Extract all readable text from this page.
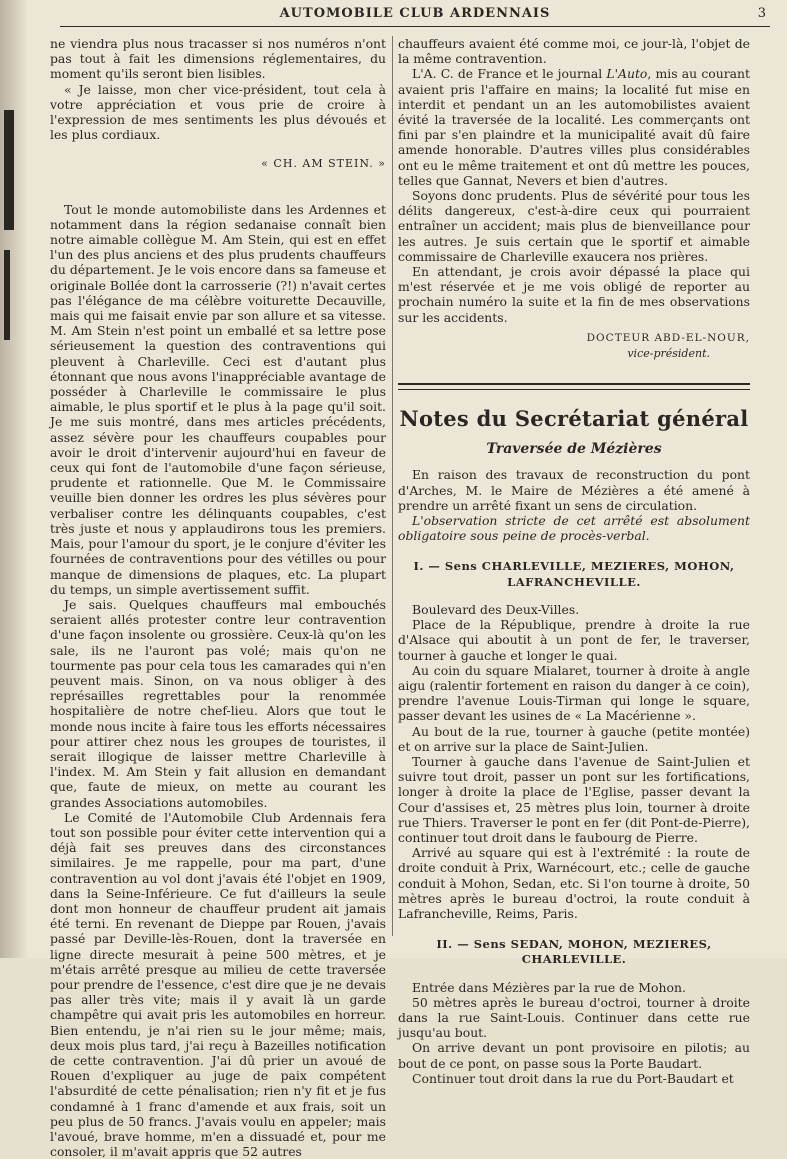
AUTOMOBILE CLUB ARDENNAIS	3

ne viendra plus nous tracasser si nos numéros n'ont pas tout à fait les dimensions réglementaires, du moment qu'ils seront bien lisibles.

« Je laisse, mon cher vice-président, tout cela à votre appréciation et vous prie de croire à l'expression de mes sentiments les plus dévoués et les plus cordiaux.

« CH. AM STEIN. »

Tout le monde automobiliste dans les Ardennes et notamment dans la région sedanaise connaît bien notre aimable collègue M. Am Stein, qui est en effet l'un des plus anciens et des plus prudents chauffeurs du département. Je le vois encore dans sa fameuse et originale Bollée dont la carrosserie (?!) n'avait certes pas l'élégance de ma célèbre voiturette Decauville, mais qui me faisait envie par son allure et sa vitesse. M. Am Stein n'est point un emballé et sa lettre pose sérieusement la question des contraventions qui pleuvent à Charleville. Ceci est d'autant plus étonnant que nous avons l'inappréciable avantage de posséder à Charleville le commissaire le plus aimable, le plus sportif et le plus à la page qu'il soit. Je me suis montré, dans mes articles précédents, assez sévère pour les chauffeurs coupables pour avoir le droit d'intervenir aujourd'hui en faveur de ceux qui font de l'automobile d'une façon sérieuse, prudente et rationnelle. Que M. le Commissaire veuille bien donner les ordres les plus sévères pour verbaliser contre les délinquants coupables, c'est très juste et nous y applaudirons tous les premiers. Mais, pour l'amour du sport, je le conjure d'éviter les fournées de contraventions pour des vétilles ou pour manque de dimensions de plaques, etc. La plupart du temps, un simple avertissement suffit.

Je sais. Quelques chauffeurs mal embouchés seraient allés protester contre leur contravention d'une façon insolente ou grossière. Ceux-là qu'on les sale, ils ne l'auront pas volé; mais qu'on ne tourmente pas pour cela tous les camarades qui n'en peuvent mais. Sinon, on va nous obliger à des représailles regrettables pour la renommée hospitalière de notre chef-lieu. Alors que tout le monde nous incite à faire tous les efforts nécessaires pour attirer chez nous les groupes de touristes, il serait illogique de laisser mettre Charleville à l'index. M. Am Stein y fait allusion en demandant que, faute de mieux, on mette au courant les grandes Associations automobiles.

Le Comité de l'Automobile Club Ardennais fera tout son possible pour éviter cette intervention qui a déjà fait ses preuves dans des circonstances similaires. Je me rappelle, pour ma part, d'une contravention au vol dont j'avais été l'objet en 1909, dans la Seine-Inférieure. Ce fut d'ailleurs la seule dont mon honneur de chauffeur prudent ait jamais été terni. En revenant de Dieppe par Rouen, j'avais passé par Deville-lès-Rouen, dont la traversée en ligne directe mesurait à peine 500 mètres, et je m'étais arrêté presque au milieu de cette traversée pour prendre de l'essence, c'est dire que je ne devais pas aller très vite; mais il y avait là un garde champêtre qui avait pris les automobiles en horreur. Bien entendu, je n'ai rien su le jour même; mais, deux mois plus tard, j'ai reçu à Bazeilles notification de cette contravention. J'ai dû prier un avoué de Rouen d'expliquer au juge de paix compétent l'absurdité de cette pénalisation; rien n'y fit et je fus condamné à 1 franc d'amende et aux frais, soit un peu plus de 50 francs. J'avais voulu en appeler; mais l'avoué, brave homme, m'en a dissuadé et, pour me consoler, il m'avait appris que 52 autres

chauffeurs avaient été comme moi, ce jour-là, l'objet de la même contravention.

L'A. C. de France et le journal L'Auto, mis au courant avaient pris l'affaire en mains; la localité fut mise en interdit et pendant un an les automobilistes avaient évité la traversée de la localité. Les commerçants ont fini par s'en plaindre et la municipalité avait dû faire amende honorable. D'autres villes plus considérables ont eu le même traitement et ont dû mettre les pouces, telles que Gannat, Nevers et bien d'autres.

Soyons donc prudents. Plus de sévérité pour tous les délits dangereux, c'est-à-dire ceux qui pourraient entraîner un accident; mais plus de bienveillance pour les autres. Je suis certain que le sportif et aimable commissaire de Charleville exaucera nos prières.

En attendant, je crois avoir dépassé la place qui m'est réservée et je me vois obligé de reporter au prochain numéro la suite et la fin de mes observations sur les accidents.

DOCTEUR ABD-EL-NOUR,

vice-président.

Notes du Secrétariat général
Traversée de Mézières

En raison des travaux de reconstruction du pont d'Arches, M. le Maire de Mézières a été amené à prendre un arrêté fixant un sens de circulation.

L'observation stricte de cet arrêté est absolument obligatoire sous peine de procès-verbal.

I. — Sens CHARLEVILLE, MEZIERES, MOHON, LAFRANCHEVILLE.

Boulevard des Deux-Villes.

Place de la République, prendre à droite la rue d'Alsace qui aboutit à un pont de fer, le traverser, tourner à gauche et longer le quai.

Au coin du square Mialaret, tourner à droite à angle aigu (ralentir fortement en raison du danger à ce coin), prendre l'avenue Louis-Tirman qui longe le square, passer devant les usines de « La Macérienne ».

Au bout de la rue, tourner à gauche (petite montée) et on arrive sur la place de Saint-Julien.

Tourner à gauche dans l'avenue de Saint-Julien et suivre tout droit, passer un pont sur les fortifications, longer à droite la place de l'Eglise, passer devant la Cour d'assises et, 25 mètres plus loin, tourner à droite rue Thiers. Traverser le pont en fer (dit Pont-de-Pierre), continuer tout droit dans le faubourg de Pierre.

Arrivé au square qui est à l'extrémité : la route de droite conduit à Prix, Warnécourt, etc.; celle de gauche conduit à Mohon, Sedan, etc. Si l'on tourne à droite, 50 mètres après le bureau d'octroi, la route conduit à Lafrancheville, Reims, Paris.

II. — Sens SEDAN, MOHON, MEZIERES, CHARLEVILLE.

Entrée dans Mézières par la rue de Mohon.

50 mètres après le bureau d'octroi, tourner à droite dans la rue Saint-Louis. Continuer dans cette rue jusqu'au bout.

On arrive devant un pont provisoire en pilotis; au bout de ce pont, on passe sous la Porte Baudart.

Continuer tout droit dans la rue du Port-Baudart et
